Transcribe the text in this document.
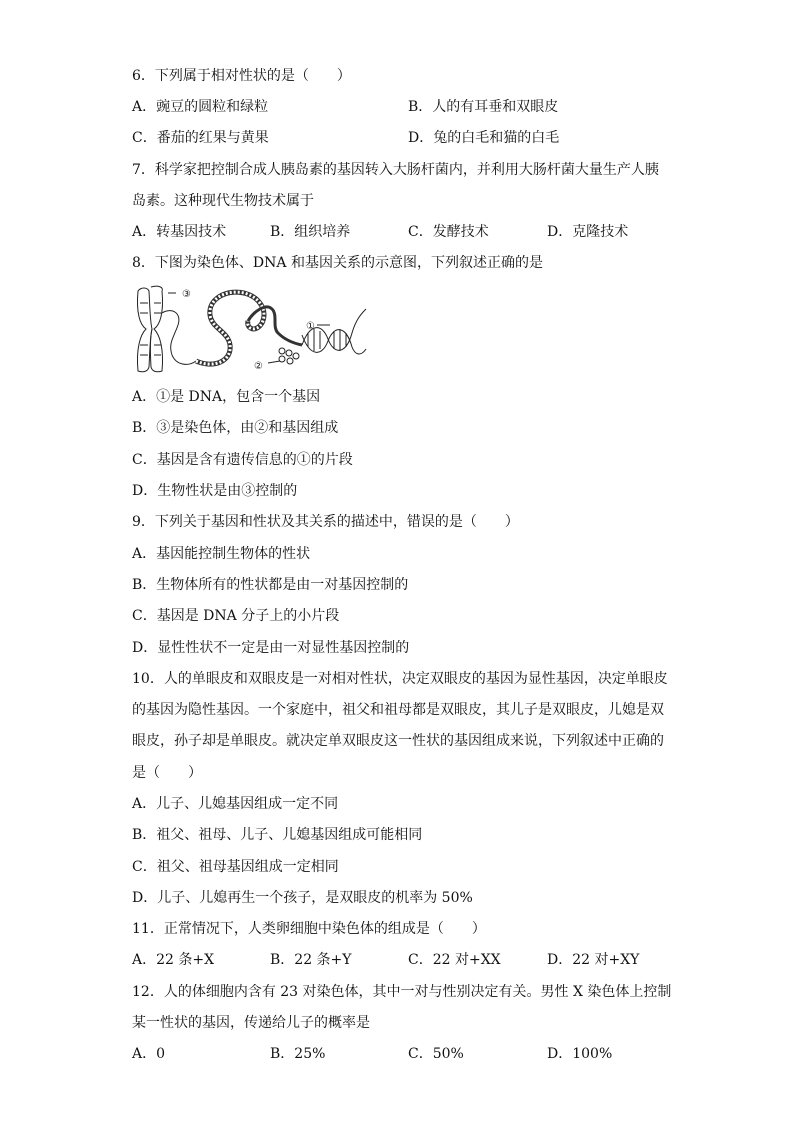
6．下列属于相对性状的是（　　）
A．豌豆的圆粒和绿粒	B．人的有耳垂和双眼皮
C．番茄的红果与黄果	D．兔的白毛和猫的白毛
7．科学家把控制合成人胰岛素的基因转入大肠杆菌内，并利用大肠杆菌大量生产人胰
岛素。这种现代生物技术属于
A．转基因技术	B．组织培养	C．发酵技术	D．克隆技术
8．下图为染色体、DNA 和基因关系的示意图，下列叙述正确的是
③
①
②
A．①是 DNA，包含一个基因
B．③是染色体，由②和基因组成
C．基因是含有遗传信息的①的片段
D．生物性状是由③控制的
9．下列关于基因和性状及其关系的描述中，错误的是（　　）
A．基因能控制生物体的性状
B．生物体所有的性状都是由一对基因控制的
C．基因是 DNA 分子上的小片段
D．显性性状不一定是由一对显性基因控制的
10．人的单眼皮和双眼皮是一对相对性状，决定双眼皮的基因为显性基因，决定单眼皮
的基因为隐性基因。一个家庭中，祖父和祖母都是双眼皮，其儿子是双眼皮，儿媳是双
眼皮，孙子却是单眼皮。就决定单双眼皮这一性状的基因组成来说，下列叙述中正确的
是（　　）
A．儿子、儿媳基因组成一定不同
B．祖父、祖母、儿子、儿媳基因组成可能相同
C．祖父、祖母基因组成一定相同
D．儿子、儿媳再生一个孩子，是双眼皮的机率为 50%
11．正常情况下，人类卵细胞中染色体的组成是（　　）
A．22 条+X	B．22 条+Y	C．22 对+XX	D．22 对+XY
12．人的体细胞内含有 23 对染色体，其中一对与性别决定有关。男性 X 染色体上控制
某一性状的基因，传递给儿子的概率是
A．0	B．25%	C．50%	D．100%
